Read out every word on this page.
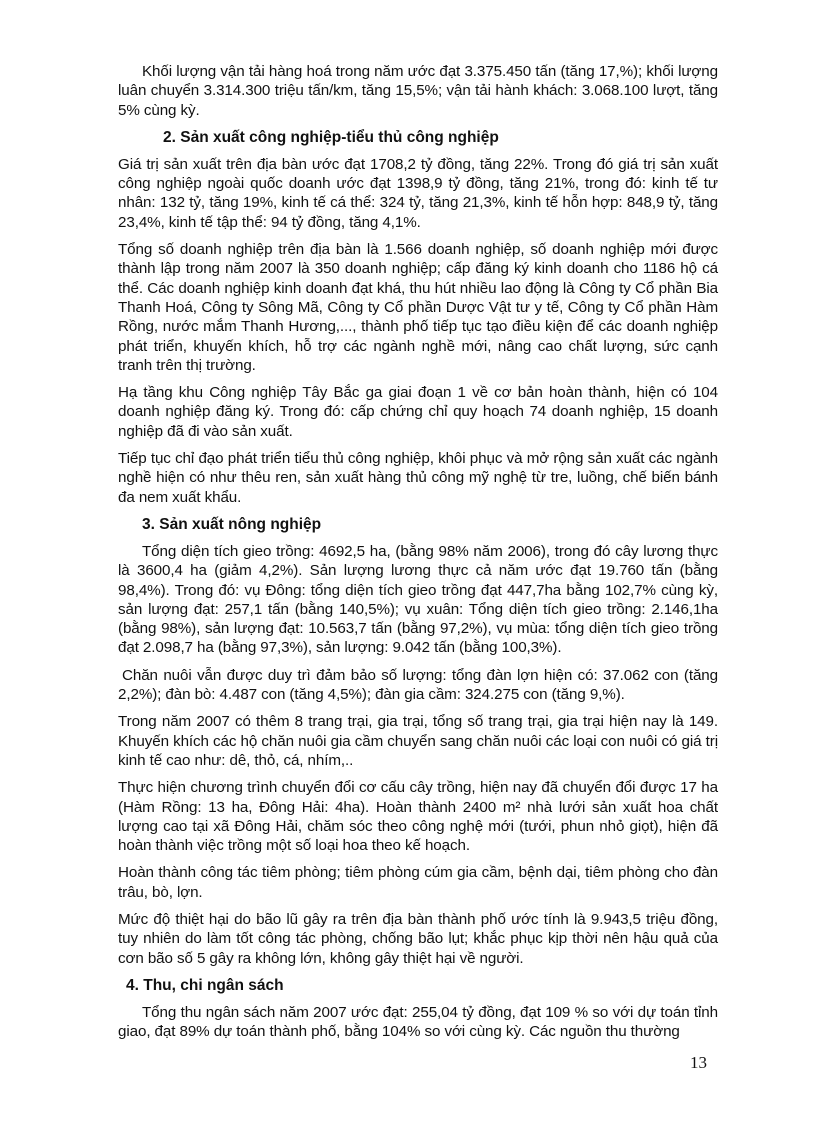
Khối lượng vận tải hàng hoá trong năm ước đạt 3.375.450 tấn (tăng 17,%); khối lượng luân chuyển 3.314.300 triệu tấn/km, tăng 15,5%; vận tải hành khách: 3.068.100 lượt, tăng 5% cùng kỳ.

2. Sản xuất công nghiệp-tiểu thủ công nghiệp

Giá trị sản xuất trên địa bàn ước đạt 1708,2 tỷ đồng, tăng 22%. Trong đó giá trị sản xuất công nghiệp ngoài quốc doanh ước đạt 1398,9 tỷ đồng, tăng 21%, trong đó: kinh tế tư nhân: 132 tỷ, tăng 19%, kinh tế cá thể: 324 tỷ, tăng 21,3%, kinh tế hỗn hợp: 848,9 tỷ, tăng 23,4%, kinh tế tập thể: 94 tỷ đồng, tăng 4,1%.

Tổng số doanh nghiệp trên địa bàn là 1.566 doanh nghiệp, số doanh nghiệp mới được thành lập trong năm 2007 là 350 doanh nghiệp; cấp đăng ký kinh doanh cho 1186 hộ cá thể. Các doanh nghiệp kinh doanh đạt khá, thu hút nhiều lao động là Công ty Cổ phần Bia Thanh Hoá, Công ty Sông Mã, Công ty Cổ phần Dược Vật tư y tế, Công ty Cổ phần Hàm Rồng, nước mắm Thanh Hương,..., thành phố tiếp tục tạo điều kiện để các doanh nghiệp phát triển, khuyến khích, hỗ trợ các ngành nghề mới, nâng cao chất lượng, sức cạnh tranh trên thị trường.

Hạ tầng khu Công nghiệp Tây Bắc ga giai đoạn 1 về cơ bản hoàn thành, hiện có 104 doanh nghiệp đăng ký. Trong đó: cấp chứng chỉ quy hoạch 74 doanh nghiệp, 15 doanh nghiệp đã đi vào sản xuất.

Tiếp tục chỉ đạo phát triển tiểu thủ công nghiệp, khôi phục và mở rộng sản xuất các ngành nghề hiện có như thêu ren, sản xuất hàng thủ công mỹ nghệ từ tre, luồng, chế biến bánh đa nem xuất khẩu.

3. Sản xuất nông nghiệp

Tổng diện tích gieo trồng: 4692,5 ha, (bằng 98% năm 2006), trong đó cây lương thực là 3600,4 ha (giảm 4,2%). Sản lượng lương thực cả năm ước đạt 19.760 tấn (bằng 98,4%). Trong đó: vụ Đông: tổng diện tích gieo trồng đạt 447,7ha bằng 102,7% cùng kỳ, sản lượng đạt: 257,1 tấn (bằng 140,5%); vụ xuân: Tổng diện tích gieo trồng: 2.146,1ha (bằng 98%), sản lượng đạt: 10.563,7 tấn (bằng 97,2%), vụ mùa: tổng diện tích gieo trồng đạt 2.098,7 ha (bằng 97,3%), sản lượng: 9.042 tấn (bằng 100,3%).

Chăn nuôi vẫn được duy trì đảm bảo số lượng: tổng đàn lợn hiện có: 37.062 con (tăng 2,2%); đàn bò: 4.487 con (tăng 4,5%); đàn gia cầm: 324.275 con (tăng 9,%).

Trong năm 2007 có thêm 8 trang trại, gia trại, tổng số trang trại, gia trại hiện nay là 149. Khuyến khích các hộ chăn nuôi gia cầm chuyển sang chăn nuôi các loại con nuôi có giá trị kinh tế cao như: dê, thỏ, cá, nhím,..

Thực hiện chương trình chuyển đổi cơ cấu cây trồng, hiện nay đã chuyển đổi được 17 ha (Hàm Rồng: 13 ha, Đông Hải: 4ha). Hoàn thành 2400 m² nhà lưới sản xuất hoa chất lượng cao tại xã Đông Hải, chăm sóc theo công nghệ mới (tưới, phun nhỏ giọt), hiện đã hoàn thành việc trồng một số loại hoa theo kế hoạch.

Hoàn thành công tác tiêm phòng; tiêm phòng cúm gia cầm, bệnh dại, tiêm phòng cho đàn trâu, bò, lợn.

Mức độ thiệt hại do bão lũ gây ra trên địa bàn thành phố ước tính là 9.943,5 triệu đồng, tuy nhiên do làm tốt công tác phòng, chống bão lụt; khắc phục kịp thời nên hậu quả của cơn bão số 5 gây ra không lớn, không gây thiệt hại về người.

4. Thu, chi ngân sách

Tổng thu ngân sách năm 2007 ước đạt: 255,04 tỷ đồng, đạt 109 % so với dự toán tỉnh giao, đạt 89% dự toán thành phố, bằng 104% so với cùng kỳ. Các nguồn thu thường

13
